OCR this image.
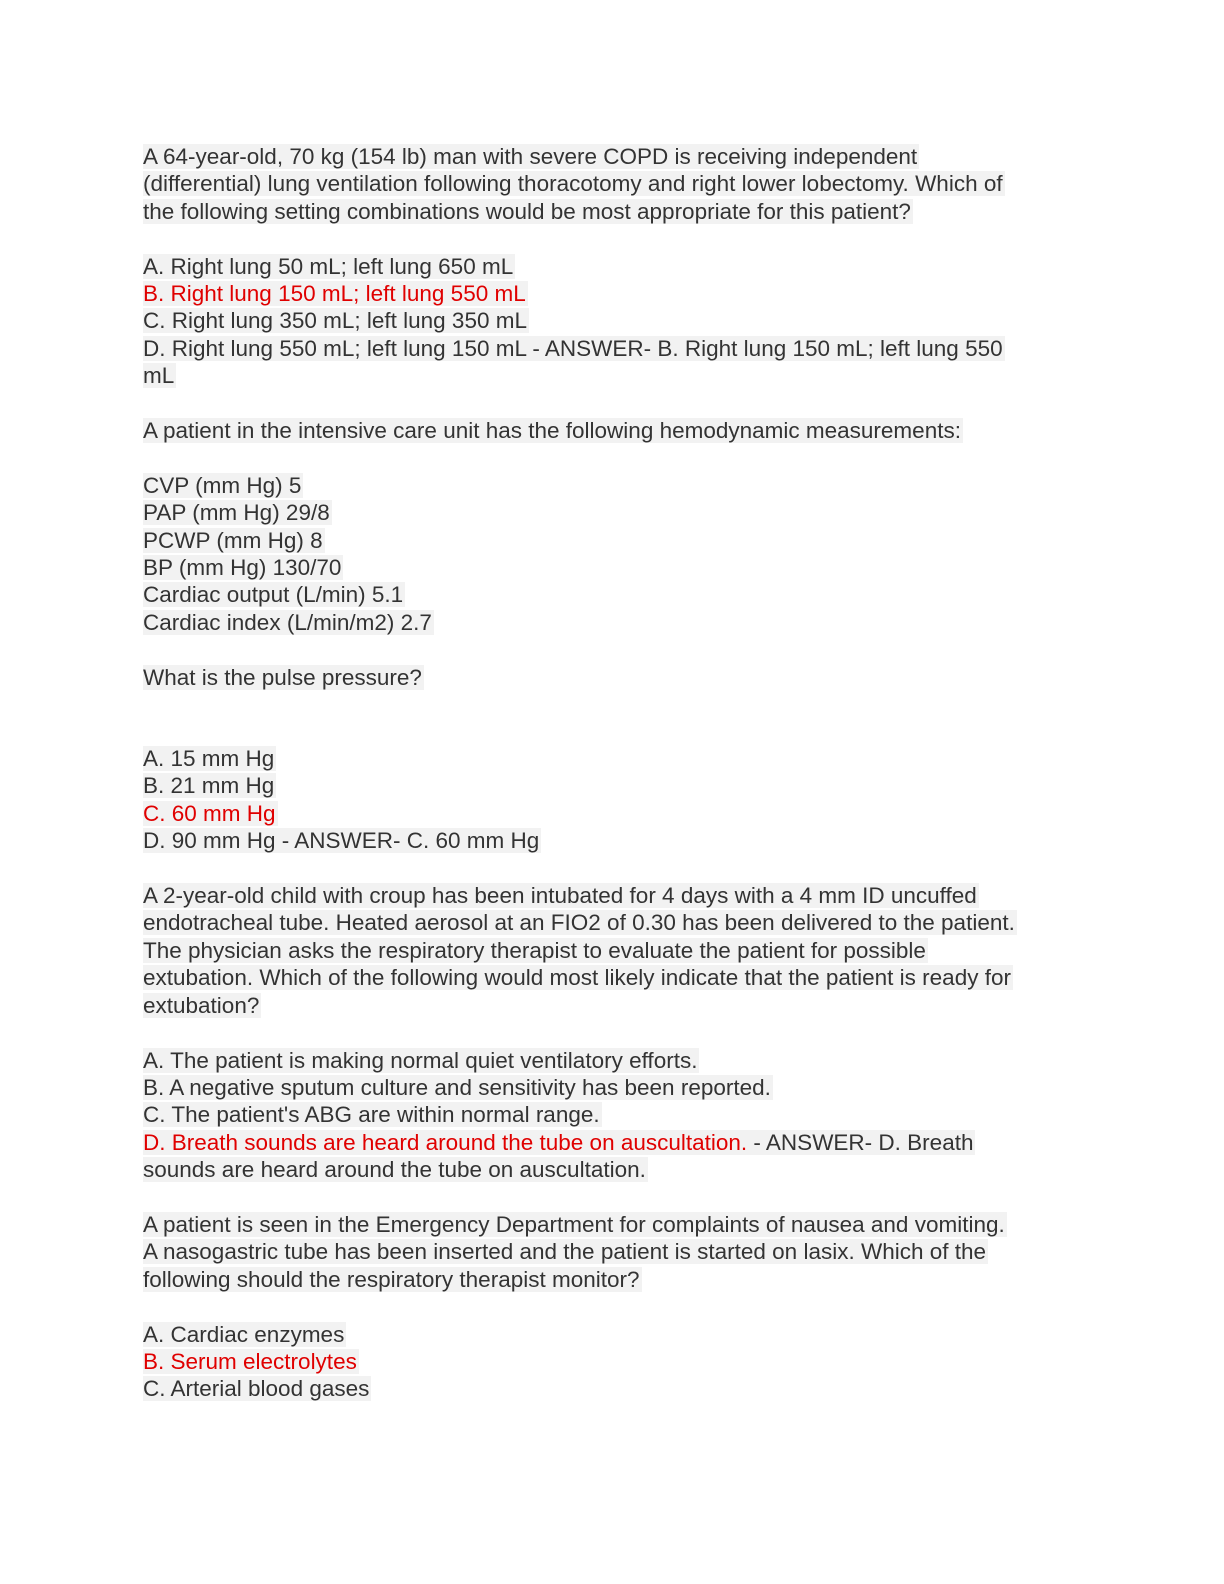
A 64-year-old, 70 kg (154 lb) man with severe COPD is receiving independent
(differential) lung ventilation following thoracotomy and right lower lobectomy. Which of
the following setting combinations would be most appropriate for this patient?
A. Right lung 50 mL; left lung 650 mL
B. Right lung 150 mL; left lung 550 mL
C. Right lung 350 mL; left lung 350 mL
D. Right lung 550 mL; left lung 150 mL - ANSWER- B. Right lung 150 mL; left lung 550
mL
A patient in the intensive care unit has the following hemodynamic measurements:
CVP (mm Hg) 5
PAP (mm Hg) 29/8
PCWP (mm Hg) 8
BP (mm Hg) 130/70
Cardiac output (L/min) 5.1
Cardiac index (L/min/m2) 2.7
What is the pulse pressure?
A. 15 mm Hg
B. 21 mm Hg
C. 60 mm Hg
D. 90 mm Hg - ANSWER- C. 60 mm Hg
A 2-year-old child with croup has been intubated for 4 days with a 4 mm ID uncuffed
endotracheal tube. Heated aerosol at an FIO2 of 0.30 has been delivered to the patient.
The physician asks the respiratory therapist to evaluate the patient for possible
extubation. Which of the following would most likely indicate that the patient is ready for
extubation?
A. The patient is making normal quiet ventilatory efforts.
B. A negative sputum culture and sensitivity has been reported.
C. The patient's ABG are within normal range.
D. Breath sounds are heard around the tube on auscultation. - ANSWER- D. Breath
sounds are heard around the tube on auscultation.
A patient is seen in the Emergency Department for complaints of nausea and vomiting.
A nasogastric tube has been inserted and the patient is started on lasix. Which of the
following should the respiratory therapist monitor?
A. Cardiac enzymes
B. Serum electrolytes
C. Arterial blood gases
